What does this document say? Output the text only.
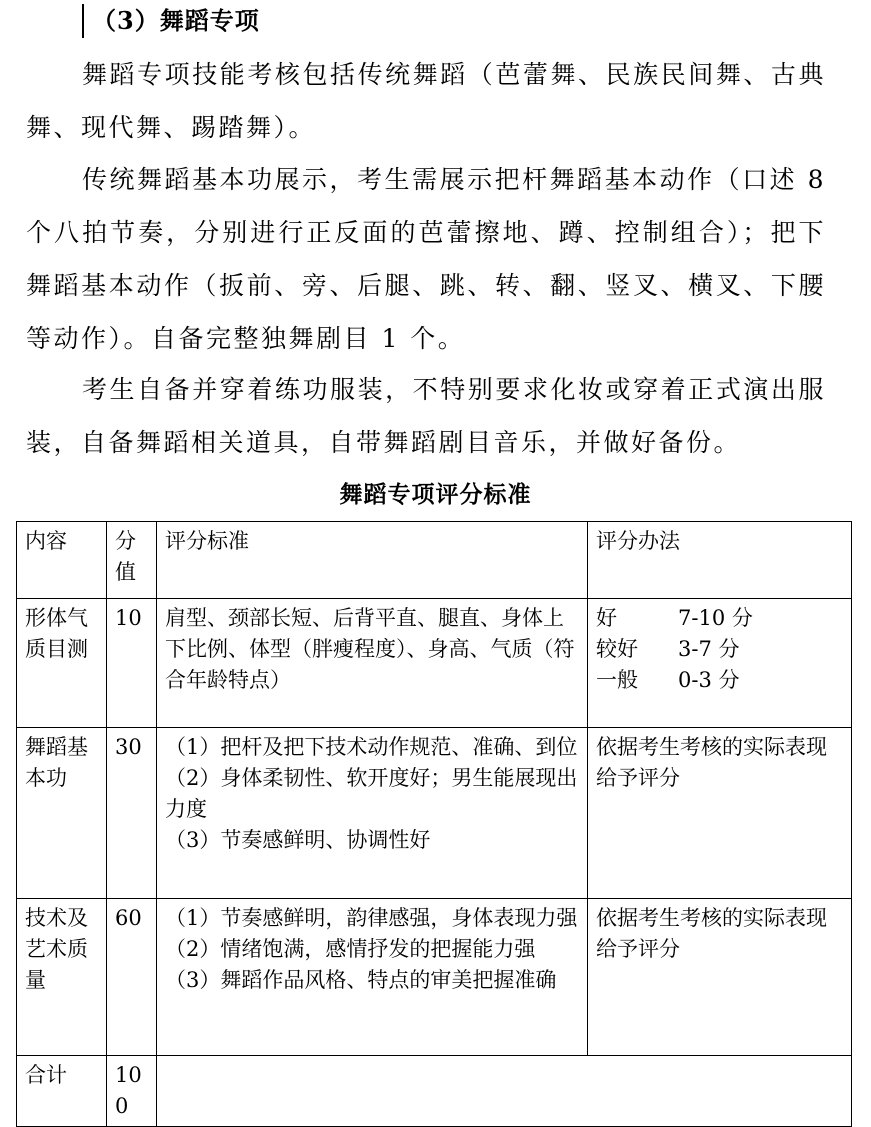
（3）舞蹈专项

舞蹈专项技能考核包括传统舞蹈（芭蕾舞、民族民间舞、古典舞、现代舞、踢踏舞）。

传统舞蹈基本功展示，考生需展示把杆舞蹈基本动作（口述 8 个八拍节奏，分别进行正反面的芭蕾擦地、蹲、控制组合）；把下舞蹈基本动作（扳前、旁、后腿、跳、转、翻、竖叉、横叉、下腰等动作）。自备完整独舞剧目 1 个。

考生自备并穿着练功服装，不特别要求化妆或穿着正式演出服装，自备舞蹈相关道具，自带舞蹈剧目音乐，并做好备份。

舞蹈专项评分标准
内容	分值	评分标准	评分办法
形体气质目测	10	肩型、颈部长短、后背平直、腿直、身体上下比例、体型（胖瘦程度）、身高、气质（符合年龄特点）	好 7-10 分
较好 3-7 分
一般 0-3 分

舞蹈基本功	30	（1）把杆及把下技术动作规范、准确、到位
（2）身体柔韧性、软开度好；男生能展现出力度
（3）节奏感鲜明、协调性好	依据考生考核的实际表现给予评分
技术及艺术质量	60	（1）节奏感鲜明，韵律感强，身体表现力强
（2）情绪饱满，感情抒发的把握能力强
（3）舞蹈作品风格、特点的审美把握准确	依据考生考核的实际表现给予评分
合计	100		
